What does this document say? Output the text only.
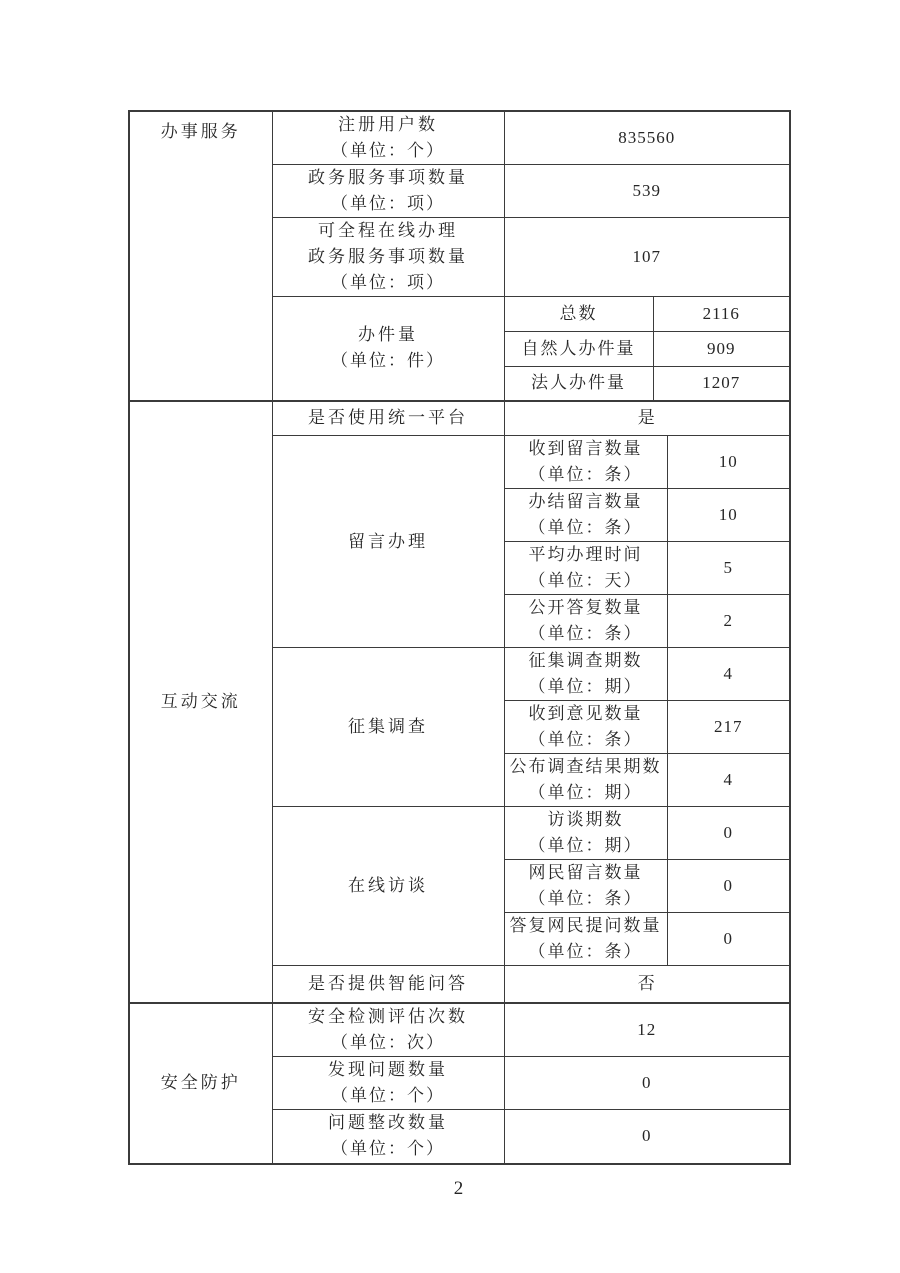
办事服务	注册用户数
（单位：个）	835560		

	政务服务事项数量
（单位：项）	539		

	可全程在线办理
政务服务事项数量
（单位：项）	107		

	办件量
（单位：件）	总数	2116	
		自然人办件量	909	
		法人办件量	1207	
互动交流	是否使用统一平台	是		
	留言办理	收到留言数量
（单位：条）		10

		办结留言数量
（单位：条）		10

		平均办理时间
（单位：天）		5

		公开答复数量
（单位：条）		2
	征集调查	征集调查期数
（单位：期）		4

		收到意见数量
（单位：条）		217

		公布调查结果期数
（单位：期）		4
	在线访谈	访谈期数
（单位：期）		0

		网民留言数量
（单位：条）		0

		答复网民提问数量
（单位：条）		0
	是否提供智能问答	否		
安全防护	安全检测评估次数
（单位：次）	12		

	发现问题数量
（单位：个）	0		

	问题整改数量
（单位：个）	0		
2
